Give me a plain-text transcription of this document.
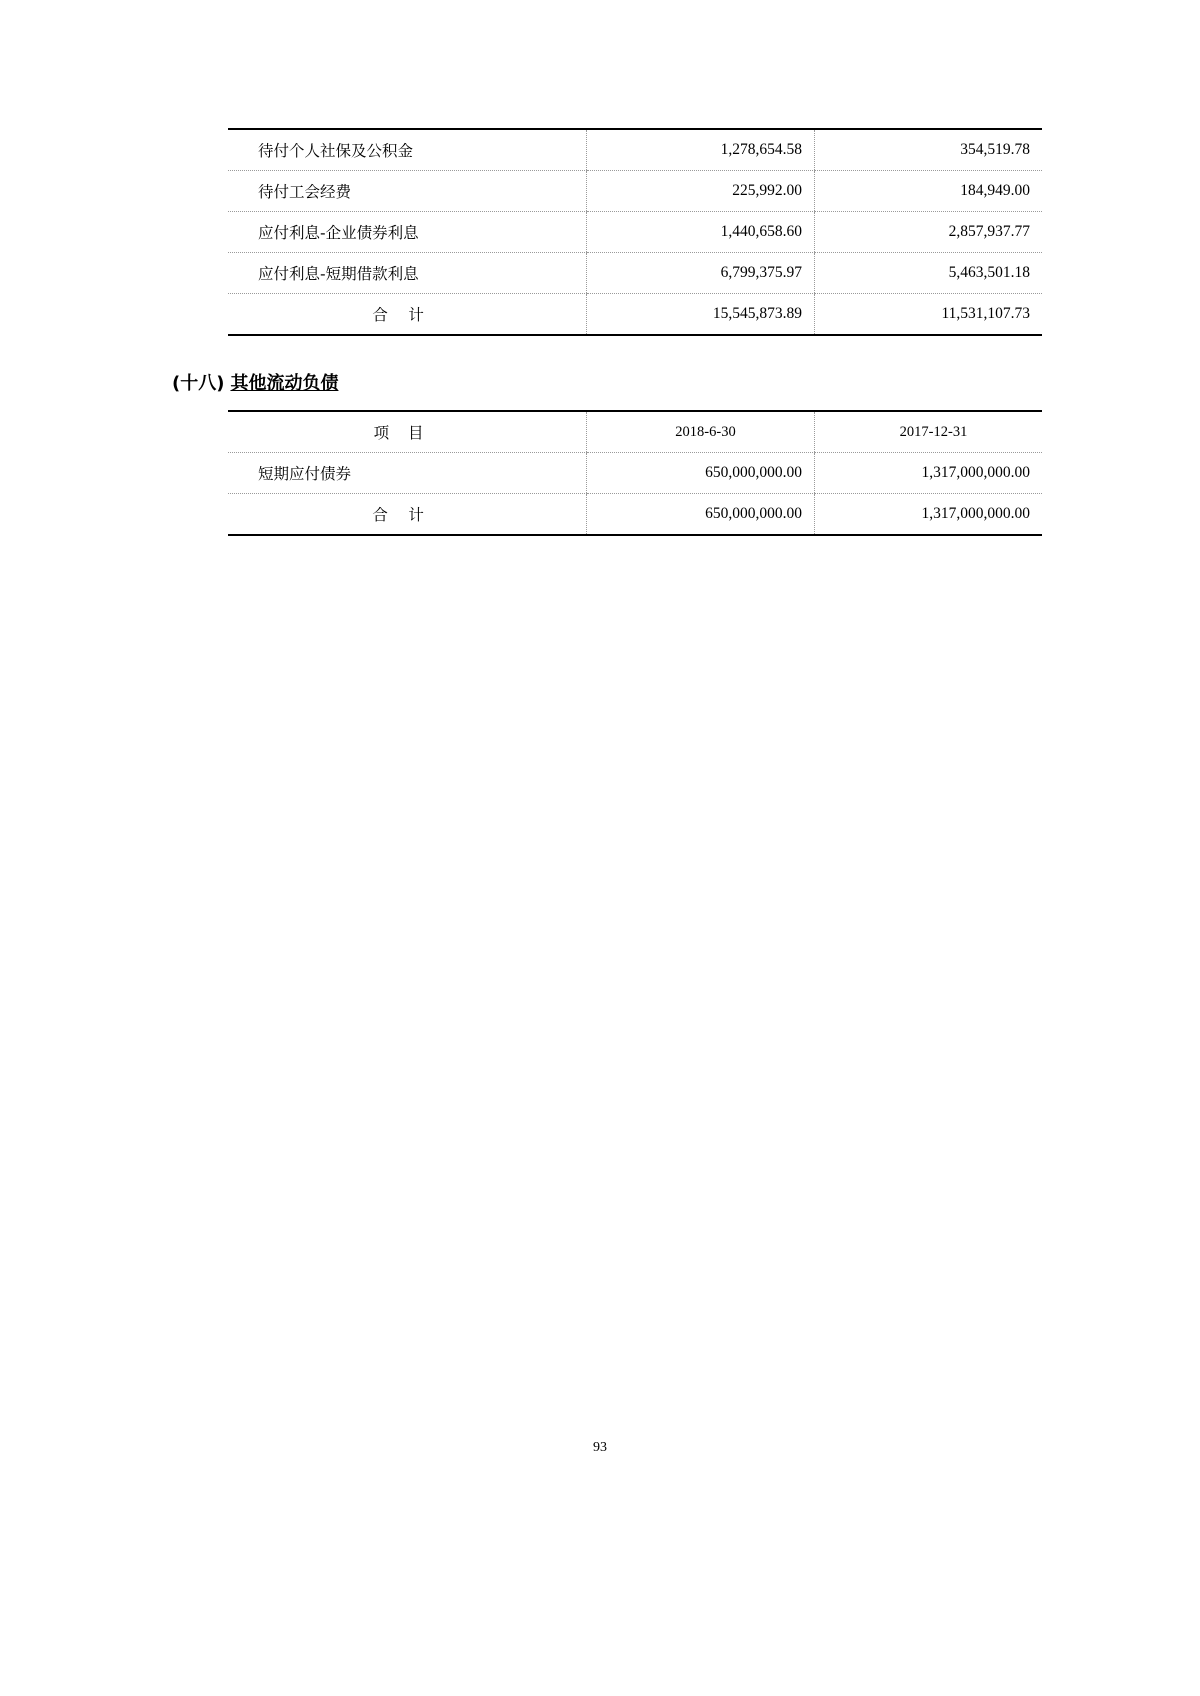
待付个人社保及公积金	1,278,654.58	354,519.78
待付工会经费	225,992.00	184,949.00
应付利息-企业债券利息	1,440,658.60	2,857,937.77
应付利息-短期借款利息	6,799,375.97	5,463,501.18
合 计	15,545,873.89	11,531,107.73
(十八) 其他流动负债
项 目	2018-6-30	2017-12-31
短期应付债券	650,000,000.00	1,317,000,000.00
合 计	650,000,000.00	1,317,000,000.00
93
